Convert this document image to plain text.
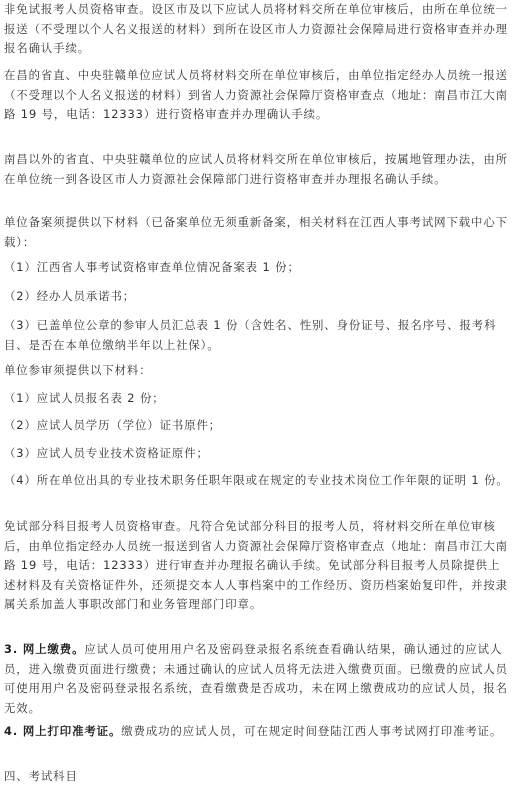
非免试报考人员资格审查。设区市及以下应试人员将材料交所在单位审核后，由所在单位统一报送（不受理以个人名义报送的材料）到所在设区市人力资源社会保障局进行资格审查并办理报名确认手续。

在昌的省直、中央驻赣单位应试人员将材料交所在单位审核后，由单位指定经办人员统一报送（不受理以个人名义报送的材料）到省人力资源社会保障厅资格审查点（地址：南昌市江大南路 19 号，电话：12333）进行资格审查并办理确认手续。

南昌以外的省直、中央驻赣单位的应试人员将材料交所在单位审核后，按属地管理办法，由所在单位统一到各设区市人力资源社会保障部门进行资格审查并办理报名确认手续。

单位备案须提供以下材料（已备案单位无须重新备案，相关材料在江西人事考试网下载中心下载）：

（1）江西省人事考试资格审查单位情况备案表 1 份；

（2）经办人员承诺书；

（3）已盖单位公章的参审人员汇总表 1 份（含姓名、性别、身份证号、报名序号、报考科目、是否在本单位缴纳半年以上社保）。

单位参审须提供以下材料：

（1）应试人员报名表 2 份；

（2）应试人员学历（学位）证书原件；

（3）应试人员专业技术资格证原件；

（4）所在单位出具的专业技术职务任职年限或在规定的专业技术岗位工作年限的证明 1 份。

免试部分科目报考人员资格审查。凡符合免试部分科目的报考人员，将材料交所在单位审核后，由单位指定经办人员统一报送到省人力资源社会保障厅资格审查点（地址：南昌市江大南路 19 号，电话：12333）进行审查并办理报名确认手续。免试部分科目报考人员除提供上述材料及有关资格证件外，还须提交本人人事档案中的工作经历、资历档案始复印件，并按隶属关系加盖人事职改部门和业务管理部门印章。

3. 网上缴费。应试人员可使用用户名及密码登录报名系统查看确认结果，确认通过的应试人员，进入缴费页面进行缴费；未通过确认的应试人员将无法进入缴费页面。已缴费的应试人员可使用用户名及密码登录报名系统，查看缴费是否成功，未在网上缴费成功的应试人员，报名无效。

4. 网上打印准考证。缴费成功的应试人员，可在规定时间登陆江西人事考试网打印准考证。

四、考试科目
